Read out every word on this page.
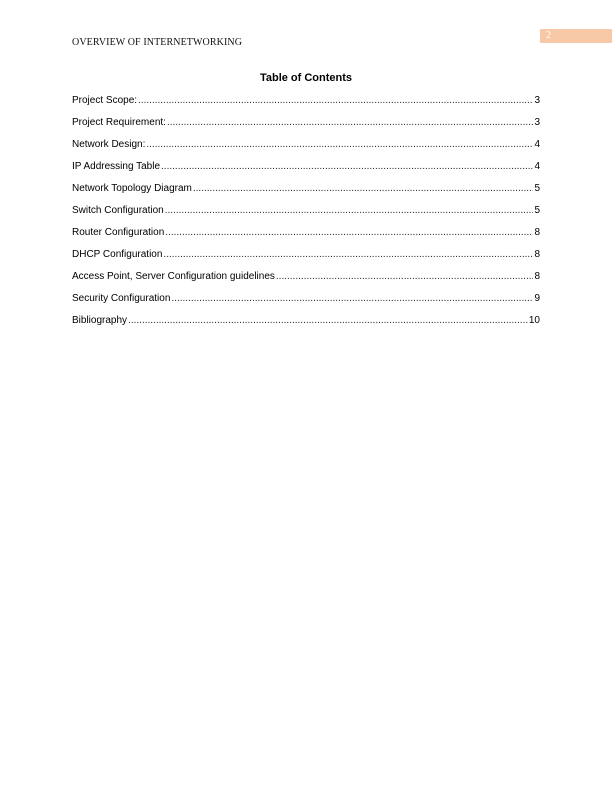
OVERVIEW OF INTERNETWORKING
2
Table of Contents
Project Scope: .....	3
Project Requirement: .....	3
Network Design: .....	4
IP Addressing Table .....	4
Network Topology Diagram .....	5
Switch Configuration .....	5
Router Configuration .....	8
DHCP Configuration .....	8
Access Point, Server Configuration guidelines .....	8
Security Configuration .....	9
Bibliography .....	10
